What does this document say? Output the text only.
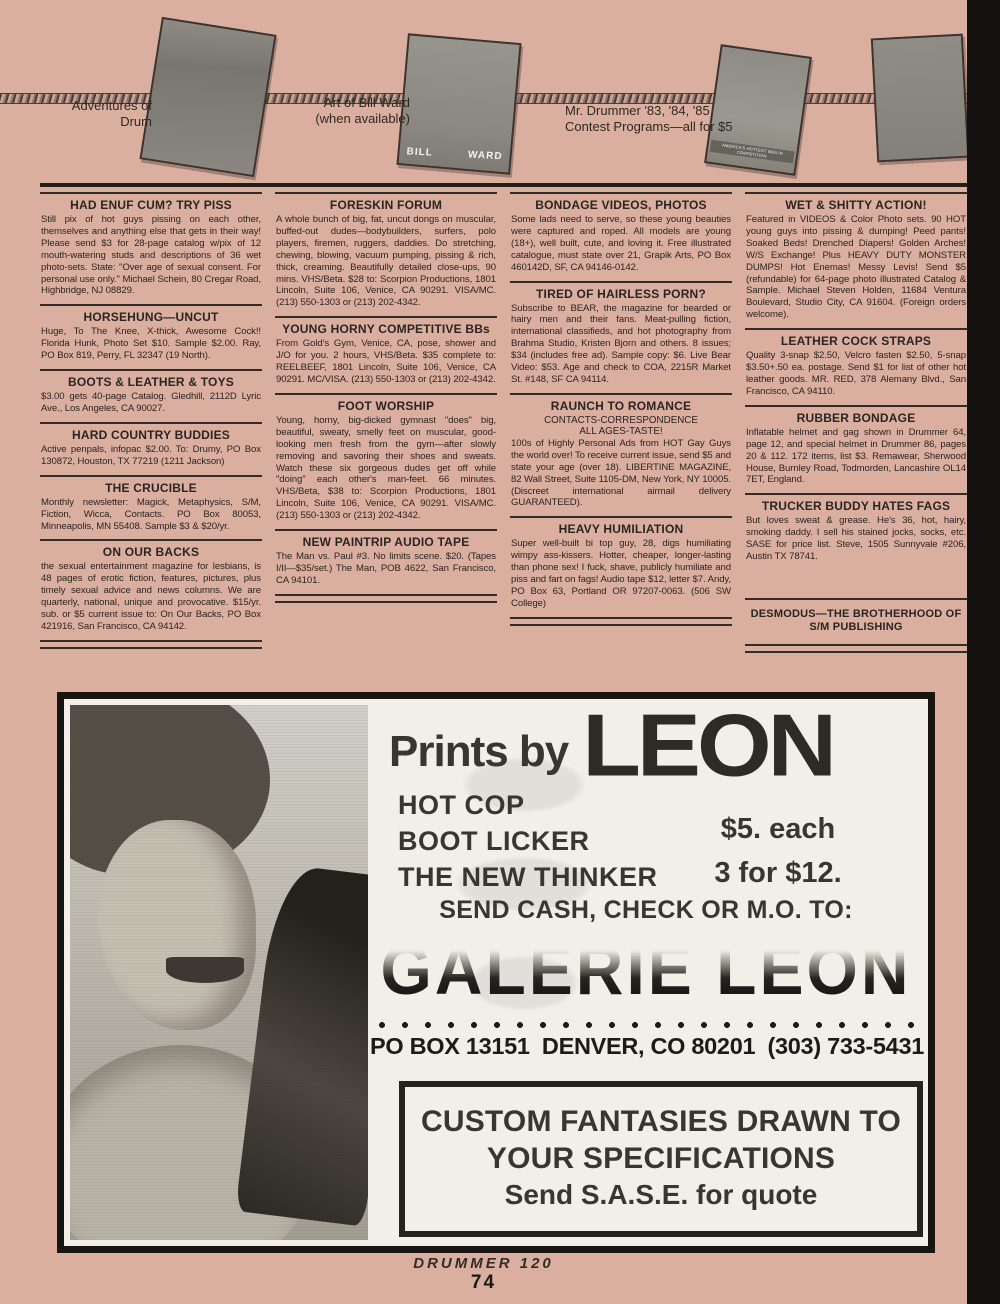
BILL	WARD
AMERICA'S HOTTEST MEN IN COMPETITION
Adventures of
Drum
Art of Bill Ward
(when available)
Mr. Drummer '83, '84, '85
Contest Programs—all for $5
HAD ENUF CUM? TRY PISS

Still pix of hot guys pissing on each other, themselves and anything else that gets in their way! Please send $3 for 28-page catalog w/pix of 12 mouth-watering studs and descriptions of 36 wet photo-sets. State: "Over age of sexual consent. For personal use only." Michael Schein, 80 Cregar Road, Highbridge, NJ 08829.

HORSEHUNG—UNCUT

Huge, To The Knee, X-thick, Awesome Cock!! Florida Hunk, Photo Set $10. Sample $2.00. Ray, PO Box 819, Perry, FL 32347 (19 North).

BOOTS & LEATHER & TOYS

$3.00 gets 40-page Catalog. Gledhill, 2112D Lyric Ave., Los Angeles, CA 90027.

HARD COUNTRY BUDDIES

Active penpals, infopac $2.00. To: Drumy, PO Box 130872, Houston, TX 77219 (1211 Jackson)

THE CRUCIBLE

Monthly newsletter: Magick, Metaphysics, S/M, Fiction, Wicca, Contacts. PO Box 80053, Minneapolis, MN 55408. Sample $3 & $20/yr.

ON OUR BACKS

the sexual entertainment magazine for lesbians, is 48 pages of erotic fiction, features, pictures, plus timely sexual advice and news columns. We are quarterly, national, unique and provocative. $15/yr. sub. or $5 current issue to: On Our Backs, PO Box 421916, San Francisco, CA 94142.

FORESKIN FORUM

A whole bunch of big, fat, uncut dongs on muscular, buffed-out dudes—bodybuilders, surfers, polo players, firemen, ruggers, daddies. Do stretching, chewing, blowing, vacuum pumping, pissing & rich, thick, creaming. Beautifully detailed close-ups, 90 mins. VHS/Beta. $28 to: Scorpion Productions, 1801 Lincoln, Suite 106, Venice, CA 90291. VISA/MC. (213) 550-1303 or (213) 202-4342.

YOUNG HORNY COMPETITIVE BBs

From Gold's Gym, Venice, CA, pose, shower and J/O for you. 2 hours, VHS/Beta. $35 complete to: REELBEEF, 1801 Lincoln, Suite 106, Venice, CA 90291. MC/VISA. (213) 550-1303 or (213) 202-4342.

FOOT WORSHIP

Young, horny, big-dicked gymnast "does" big, beautiful, sweaty, smelly feet on muscular, good-looking men fresh from the gym—after slowly removing and savoring their shoes and sweats. Watch these six gorgeous dudes get off while "doing" each other's man-feet. 66 minutes. VHS/Beta, $38 to: Scorpion Productions, 1801 Lincoln, Suite 106, Venice, CA 90291. VISA/MC. (213) 550-1303 or (213) 202-4342.

NEW PAINTRIP AUDIO TAPE

The Man vs. Paul #3. No limits scene. $20. (Tapes I/II—$35/set.) The Man, POB 4622, San Francisco, CA 94101.

BONDAGE VIDEOS, PHOTOS

Some lads need to serve, so these young beauties were captured and roped. All models are young (18+), well built, cute, and loving it. Free illustrated catalogue, must state over 21, Grapik Arts, PO Box 460142D, SF, CA 94146-0142.

TIRED OF HAIRLESS PORN?

Subscribe to BEAR, the magazine for bearded or hairy men and their fans. Meat-pulling fiction, international classifieds, and hot photography from Brahma Studio, Kristen Bjorn and others. 8 issues; $34 (includes free ad). Sample copy: $6. Live Bear Video: $53. Age and check to COA, 2215R Market St. #148, SF CA 94114.

RAUNCH TO ROMANCE

CONTACTS-CORRESPONDENCE

ALL AGES-TASTE!

100s of Highly Personal Ads from HOT Gay Guys the world over! To receive current issue, send $5 and state your age (over 18). LIBERTINE MAGAZINE, 82 Wall Street, Suite 1105-DM, New York, NY 10005. (Discreet international airmail delivery GUARANTEED).

HEAVY HUMILIATION

Super well-built bi top guy, 28, digs humiliating wimpy ass-kissers. Hotter, cheaper, longer-lasting than phone sex! I fuck, shave, publicly humiliate and piss and fart on fags! Audio tape $12, letter $7. Andy, PO Box 63, Portland OR 97207-0063. (506 SW College)

WET & SHITTY ACTION!

Featured in VIDEOS & Color Photo sets. 90 HOT young guys into pissing & dumping! Peed pants! Soaked Beds! Drenched Diapers! Golden Arches! W/S Exchange! Plus HEAVY DUTY MONSTER DUMPS! Hot Enemas! Messy Levis! Send $5 (refundable) for 64-page photo illustrated Catalog & Sample. Michael Steven Holden, 11684 Ventura Boulevard, Studio City, CA 91604. (Foreign orders welcome).

LEATHER COCK STRAPS

Quality 3-snap $2.50, Velcro fasten $2.50, 5-snap $3.50+.50 ea. postage. Send $1 for list of other hot leather goods. MR. RED, 378 Alemany Blvd., San Francisco, CA 94110.

RUBBER BONDAGE

Inflatable helmet and gag shown in Drummer 64, page 12, and special helmet in Drummer 86, pages 20 & 112. 172 items, list $3. Remawear, Sherwood House, Burnley Road, Todmorden, Lancashire OL14 7ET, England.

TRUCKER BUDDY HATES FAGS

But loves sweat & grease. He's 36, hot, hairy, smoking daddy. I sell his stained jocks, socks, etc. SASE for price list. Steve, 1505 Sunnyvale #206, Austin TX 78741.

DESMODUS—THE BROTHERHOOD OF

S/M PUBLISHING

Prints by LEON
HOT COP
BOOT LICKER
THE NEW THINKER
$5. each
3 for $12.
SEND CASH, CHECK OR M.O. TO:
GALERIE LEON
PO BOX 13151 DENVER, CO 80201 (303) 733-5431

CUSTOM FANTASIES DRAWN TO

YOUR SPECIFICATIONS

Send S.A.S.E. for quote

DRUMMER 120
74
